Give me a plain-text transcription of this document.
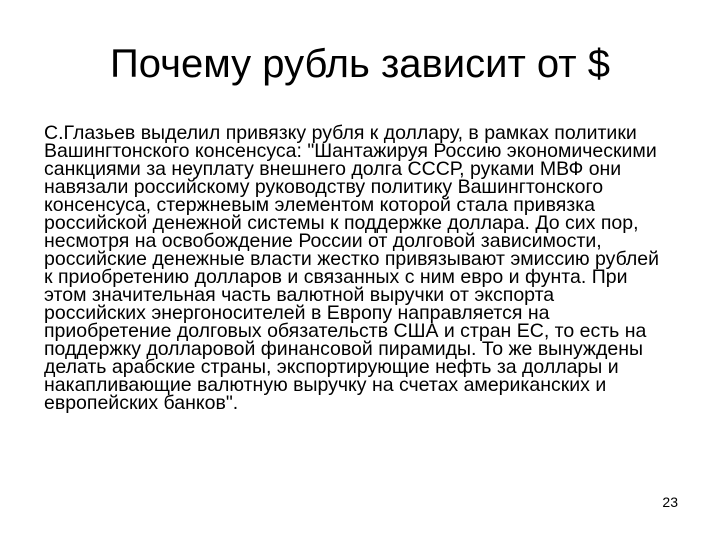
Почему рубль зависит от $
С.Глазьев выделил привязку рубля к доллару, в рамках политики
Вашингтонского консенсуса: "Шантажируя Россию экономическими
санкциями за неуплату внешнего долга СССР, руками МВФ они
навязали российскому руководству политику Вашингтонского
консенсуса, стержневым элементом которой стала привязка
российской денежной системы к поддержке доллара. До сих пор,
несмотря на освобождение России от долговой зависимости,
российские денежные власти жестко привязывают эмиссию рублей
к приобретению долларов и связанных с ним евро и фунта. При
этом значительная часть валютной выручки от экспорта
российских энергоносителей в Европу направляется на
приобретение долговых обязательств США и стран ЕС, то есть на
поддержку долларовой финансовой пирамиды. То же вынуждены
делать арабские страны, экспортирующие нефть за доллары и
накапливающие валютную выручку на счетах американских и
европейских банков".
23
